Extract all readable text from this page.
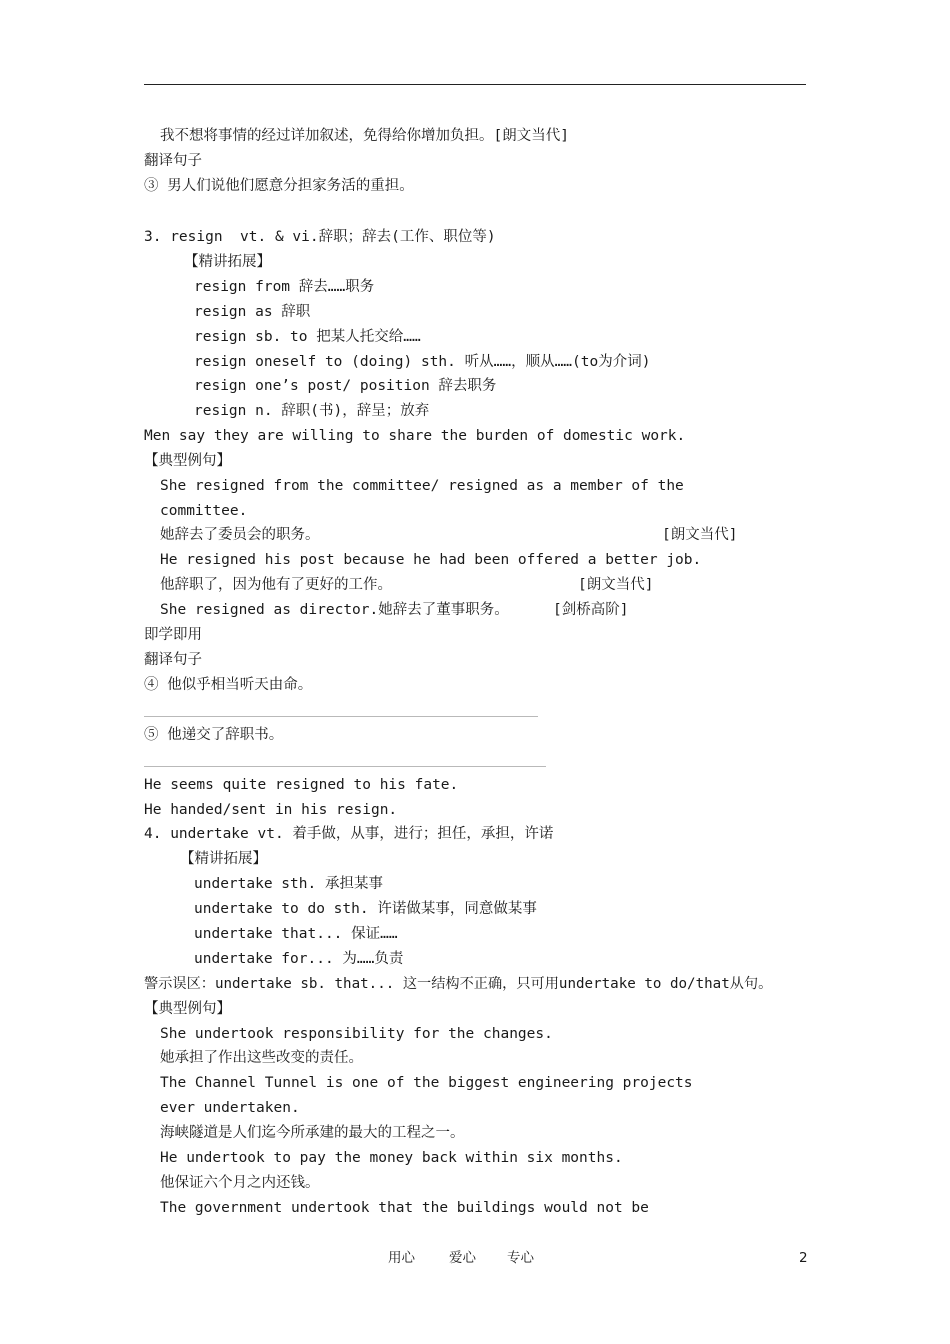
我不想将事情的经过详加叙述，免得给你增加负担。[朗文当代]
翻译句子
③ 男人们说他们愿意分担家务活的重担。
3. resign  vt. & vi.辞职；辞去(工作、职位等)
【精讲拓展】
resign from 辞去……职务
resign as 辞职
resign sb. to 把某人托交给……
resign oneself to (doing) sth. 听从……，顺从……(to为介词)
resign one’s post/ position 辞去职务
resign n. 辞职(书)，辞呈；放弃
Men say they are willing to share the burden of domestic work.
【典型例句】
She resigned from the committee/ resigned as a member of the
committee.
她辞去了委员会的职务。	[朗文当代]
He resigned his post because he had been offered a better job.
他辞职了，因为他有了更好的工作。	[朗文当代]
She resigned as director.她辞去了董事职务。	[剑桥高阶]
即学即用
翻译句子
④ 他似乎相当听天由命。
⑤ 他递交了辞职书。
He seems quite resigned to his fate.
He handed/sent in his resign.
4. undertake vt. 着手做，从事，进行；担任，承担，许诺
【精讲拓展】
undertake sth. 承担某事
undertake to do sth. 许诺做某事，同意做某事
undertake that... 保证……
undertake for... 为……负责
警示误区：undertake sb. that... 这一结构不正确，只可用undertake to do/that从句。
【典型例句】
She undertook responsibility for the changes.
她承担了作出这些改变的责任。
The Channel Tunnel is one of the biggest engineering projects
ever undertaken.
海峡隧道是人们迄今所承建的最大的工程之一。
He undertook to pay the money back within six months.
他保证六个月之内还钱。
The government undertook that the buildings would not be
用心	爱心 专心	2
